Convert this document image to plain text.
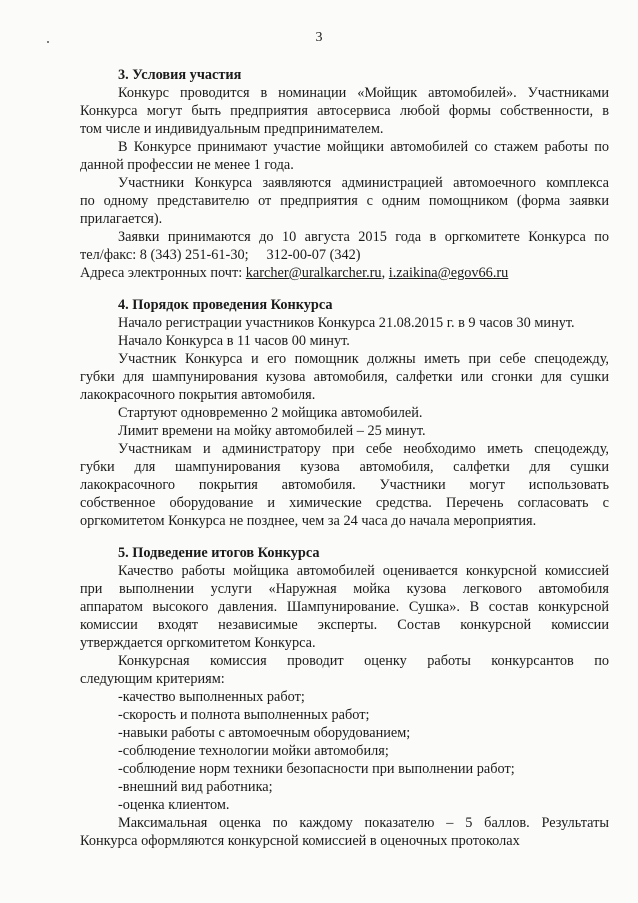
3
3. Условия участия
Конкурс проводится в номинации «Мойщик автомобилей». Участниками
Конкурса могут быть предприятия автосервиса любой формы собственности, в
том числе и индивидуальным предпринимателем.
В Конкурсе принимают участие мойщики автомобилей со стажем работы по
данной профессии не менее 1 года.
Участники Конкурса заявляются администрацией автомоечного комплекса
по одному представителю от предприятия с одним помощником (форма заявки
прилагается).
Заявки принимаются до 10 августа 2015 года в оргкомитете Конкурса по
тел/факс: 8 (343) 251-61-30;     312-00-07 (342)
Адреса электронных почт: karcher@uralkarcher.ru, i.zaikina@egov66.ru
4. Порядок проведения Конкурса
Начало регистрации участников Конкурса 21.08.2015 г. в 9 часов 30 минут.
Начало Конкурса в 11 часов 00 минут.
Участник Конкурса и его помощник должны иметь при себе спецодежду,
губки для шампунирования кузова автомобиля, салфетки или сгонки для сушки
лакокрасочного покрытия автомобиля.
Стартуют одновременно 2 мойщика автомобилей.
Лимит времени на мойку автомобилей – 25 минут.
Участникам и администратору при себе необходимо иметь спецодежду,
губки для шампунирования кузова автомобиля, салфетки для сушки
лакокрасочного покрытия автомобиля. Участники могут использовать
собственное оборудование и химические средства. Перечень согласовать с
оргкомитетом Конкурса не позднее, чем за 24 часа до начала мероприятия.
5. Подведение итогов Конкурса
Качество работы мойщика автомобилей оценивается конкурсной комиссией
при выполнении услуги «Наружная мойка кузова легкового автомобиля
аппаратом высокого давления. Шампунирование. Сушка». В состав конкурсной
комиссии входят независимые эксперты. Состав конкурсной комиссии
утверждается оргкомитетом Конкурса.
Конкурсная комиссия проводит оценку работы конкурсантов по
следующим критериям:
-качество выполненных работ;
-скорость и полнота выполненных работ;
-навыки работы с автомоечным оборудованием;
-соблюдение технологии мойки автомобиля;
-соблюдение норм техники безопасности при выполнении работ;
-внешний вид работника;
-оценка клиентом.
Максимальная оценка по каждому показателю – 5 баллов. Результаты
Конкурса оформляются конкурсной комиссией в оценочных протоколах
